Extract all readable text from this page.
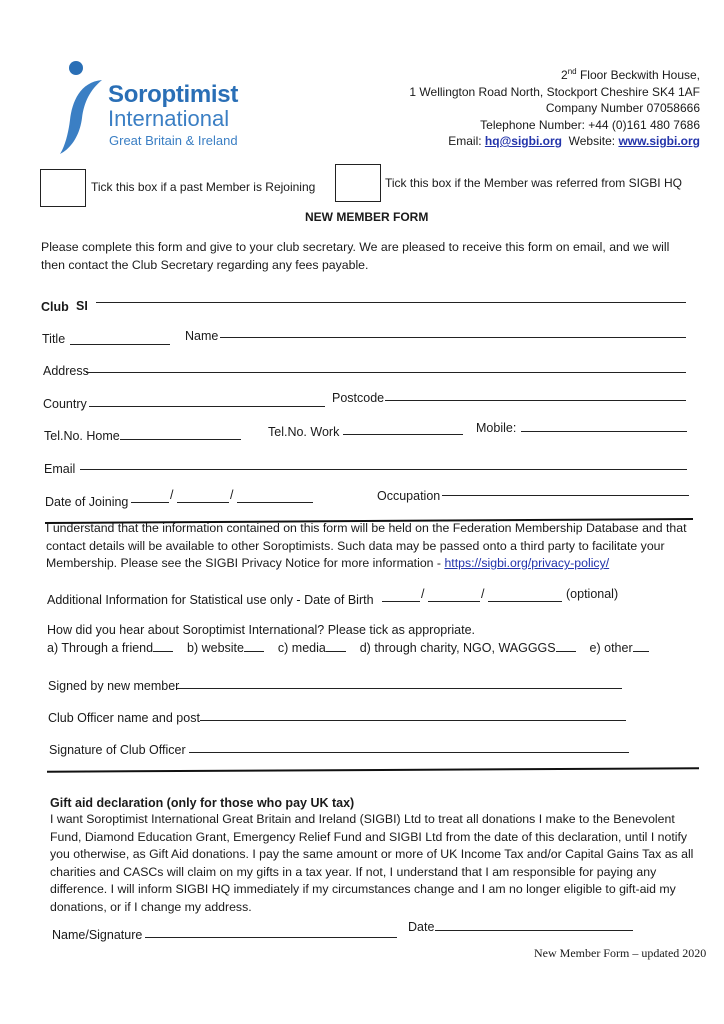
Soroptimist
International
Great Britain & Ireland
2nd Floor Beckwith House,
1 Wellington Road North, Stockport Cheshire SK4 1AF
Company Number 07058666
Telephone Number: +44 (0)161 480 7686
Email: hq@sigbi.org Website: www.sigbi.org
Tick this box if a past Member is Rejoining	Tick this box if the Member was referred from SIGBI HQ
NEW MEMBER FORM
Please complete this form and give to your club secretary. We are pleased to receive this form on email, and we will then contact the Club Secretary regarding any fees payable.
Club SI
Title	Name
Address
Country	Postcode
Tel.No. Home	Tel.No. Work	Mobile:
Email
Date of Joining	/	/	Occupation
I understand that the information contained on this form will be held on the Federation Membership Database and that contact details will be available to other Soroptimists. Such data may be passed onto a third party to facilitate your Membership. Please see the SIGBI Privacy Notice for more information - https://sigbi.org/privacy-policy/
Additional Information for Statistical use only - Date of Birth	/	/	(optional)
How did you hear about Soroptimist International? Please tick as appropriate.
a) Through a friend	b) website	c) media	d) through charity, NGO, WAGGGS	e) other
Signed by new member
Club Officer name and post
Signature of Club Officer
Gift aid declaration (only for those who pay UK tax)
I want Soroptimist International Great Britain and Ireland (SIGBI) Ltd to treat all donations I make to the Benevolent Fund, Diamond Education Grant, Emergency Relief Fund and SIGBI Ltd from the date of this declaration, until I notify you otherwise, as Gift Aid donations. I pay the same amount or more of UK Income Tax and/or Capital Gains Tax as all charities and CASCs will claim on my gifts in a tax year. If not, I understand that I am responsible for paying any difference. I will inform SIGBI HQ immediately if my circumstances change and I am no longer eligible to gift-aid my donations, or if I change my address.
Name/Signature
Date
New Member Form – updated 2020
